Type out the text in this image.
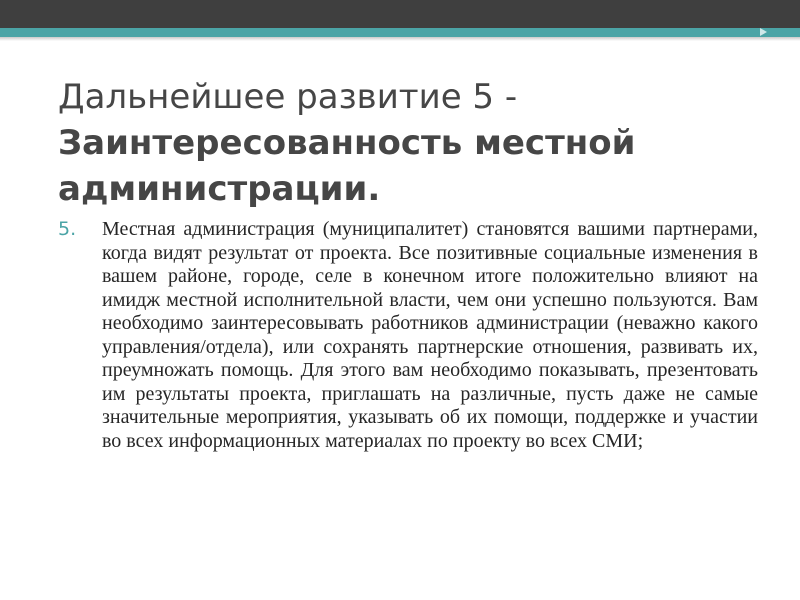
Дальнейшее развитие 5 -
Заинтересованность местной администрации.
5. Местная администрация (муниципалитет) становятся вашими партнерами, когда видят результат от проекта. Все позитивные социальные изменения в вашем районе, городе, селе в конечном итоге положительно влияют на имидж местной исполнительной власти, чем они успешно пользуются. Вам необходимо заинтересовывать работников администрации (неважно какого управления/отдела), или сохранять партнерские отношения, развивать их, преумножать помощь. Для этого вам необходимо показывать, презентовать им результаты проекта, приглашать на различные, пусть даже не самые значительные мероприятия, указывать об их помощи, поддержке и участии во всех информационных материалах по проекту во всех СМИ;
